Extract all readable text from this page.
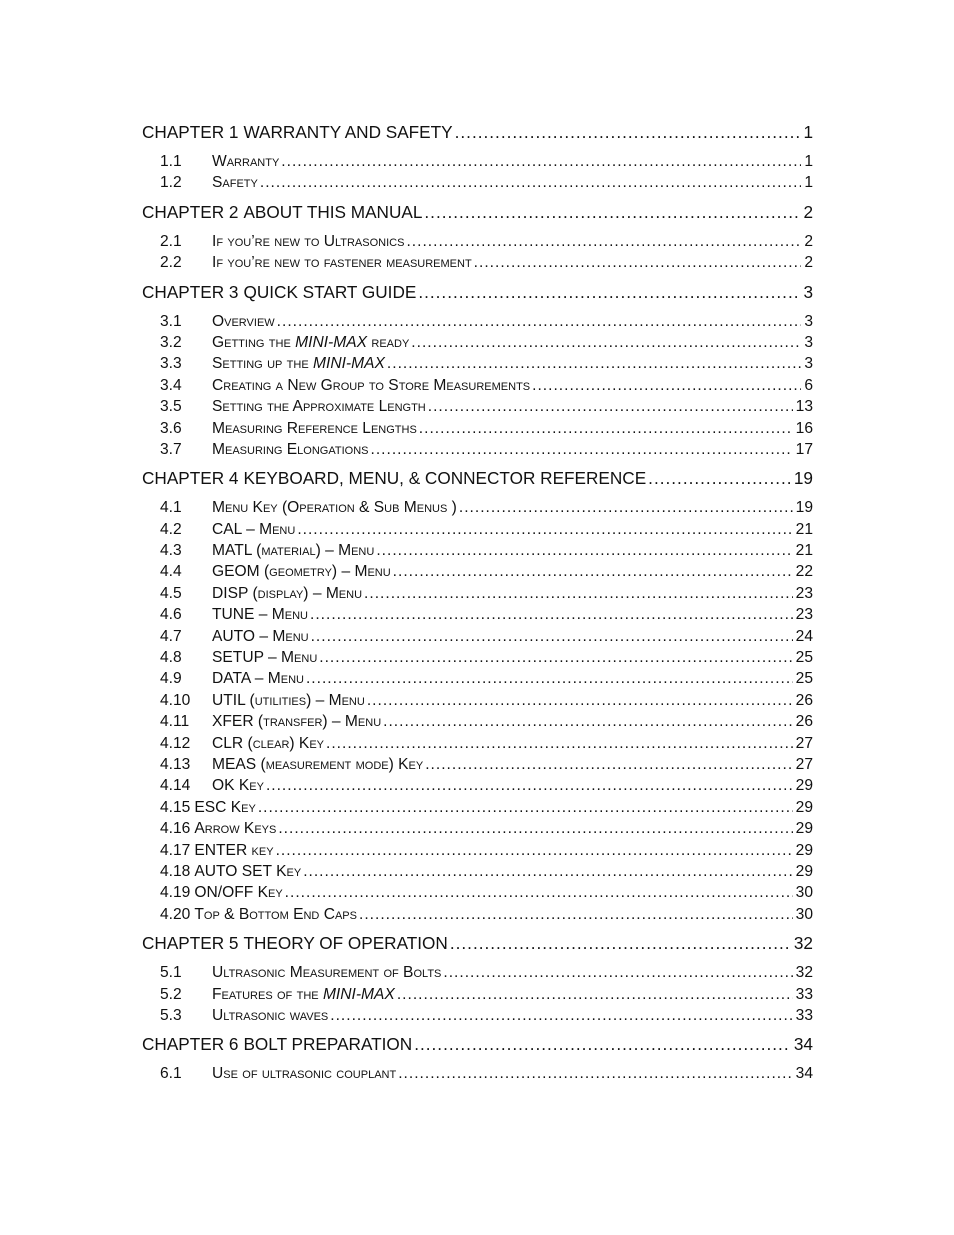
CHAPTER 1 WARRANTY AND SAFETY .....	1
1.1	Warranty .....	1
1.2	Safety .....	1
CHAPTER 2 ABOUT THIS MANUAL .....	2
2.1	If you’re new to Ultrasonics .....	2
2.2	If you’re new to fastener measurement .....	2
CHAPTER 3 QUICK START GUIDE .....	3
3.1	Overview .....	3
3.2	Getting the MINI-MAX ready .....	3
3.3	Setting up the MINI-MAX .....	3
3.4	Creating a New Group to Store Measurements .....	6
3.5	Setting the Approximate Length .....	13
3.6	Measuring Reference Lengths .....	16
3.7	Measuring Elongations .....	17
CHAPTER 4 KEYBOARD, MENU, & CONNECTOR REFERENCE .....	19
4.1	Menu Key (Operation & Sub Menus ) .....	19
4.2	CAL – Menu .....	21
4.3	MATL (material) – Menu .....	21
4.4	GEOM (geometry) – Menu .....	22
4.5	DISP (display) – Menu .....	23
4.6	TUNE – Menu .....	23
4.7	AUTO – Menu .....	24
4.8	SETUP – Menu .....	25
4.9	DATA – Menu .....	25
4.10	UTIL (utilities) – Menu .....	26
4.11	XFER (transfer) – Menu .....	26
4.12	CLR (clear) Key .....	27
4.13	MEAS (measurement mode) Key .....	27
4.14	OK Key .....	29
4.15 ESC Key .....	29
4.16 Arrow Keys .....	29
4.17 ENTER key .....	29
4.18 AUTO SET Key .....	29
4.19 ON/OFF Key .....	30
4.20 Top & Bottom End Caps .....	30
CHAPTER 5 THEORY OF OPERATION .....	32
5.1	Ultrasonic Measurement of Bolts .....	32
5.2	Features of the MINI-MAX .....	33
5.3	Ultrasonic waves .....	33
CHAPTER 6 BOLT PREPARATION .....	34
6.1	Use of ultrasonic couplant .....	34
